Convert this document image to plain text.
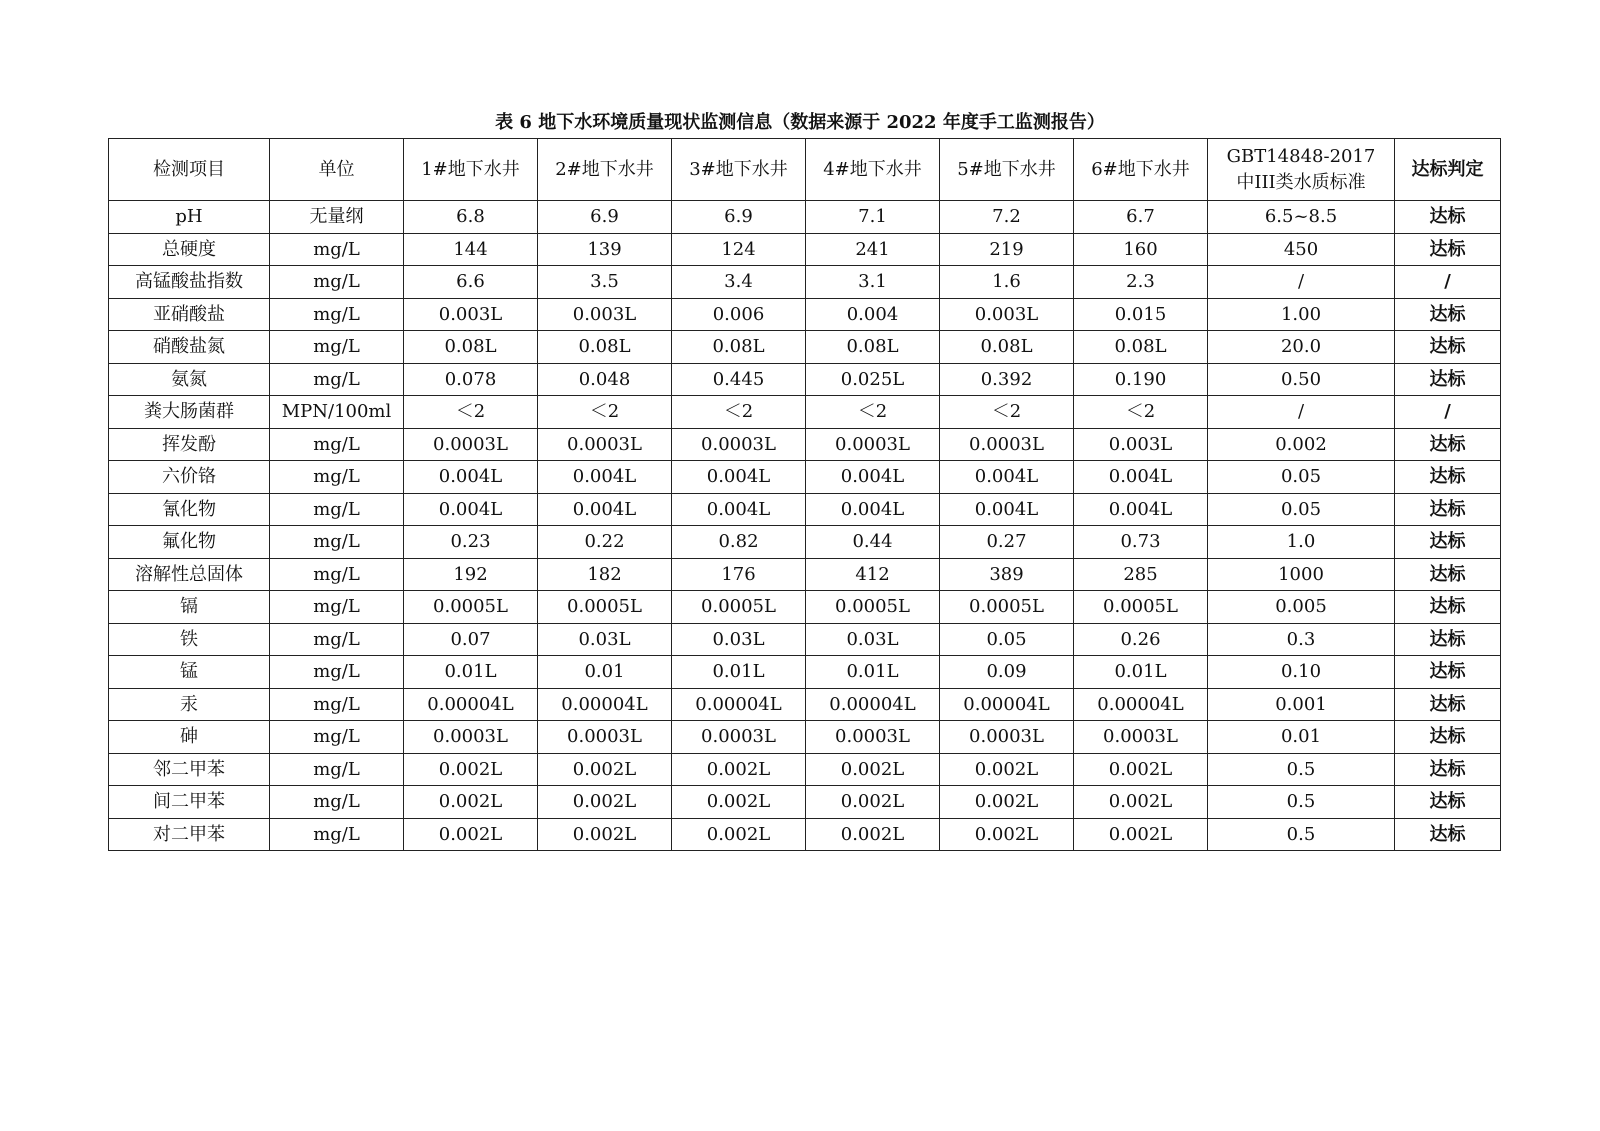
表 6 地下水环境质量现状监测信息（数据来源于 2022 年度手工监测报告）
检测项目	单位	1#地下水井	2#地下水井	3#地下水井	4#地下水井	5#地下水井	6#地下水井	GBT14848-2017
中III类水质标准	达标判定
pH	无量纲	6.8	6.9	6.9	7.1	7.2	6.7	6.5~8.5	达标
总硬度	mg/L	144	139	124	241	219	160	450	达标
高锰酸盐指数	mg/L	6.6	3.5	3.4	3.1	1.6	2.3	/	/
亚硝酸盐	mg/L	0.003L	0.003L	0.006	0.004	0.003L	0.015	1.00	达标
硝酸盐氮	mg/L	0.08L	0.08L	0.08L	0.08L	0.08L	0.08L	20.0	达标
氨氮	mg/L	0.078	0.048	0.445	0.025L	0.392	0.190	0.50	达标
粪大肠菌群	MPN/100ml	＜2	＜2	＜2	＜2	＜2	＜2	/	/
挥发酚	mg/L	0.0003L	0.0003L	0.0003L	0.0003L	0.0003L	0.003L	0.002	达标
六价铬	mg/L	0.004L	0.004L	0.004L	0.004L	0.004L	0.004L	0.05	达标
氰化物	mg/L	0.004L	0.004L	0.004L	0.004L	0.004L	0.004L	0.05	达标
氟化物	mg/L	0.23	0.22	0.82	0.44	0.27	0.73	1.0	达标
溶解性总固体	mg/L	192	182	176	412	389	285	1000	达标
镉	mg/L	0.0005L	0.0005L	0.0005L	0.0005L	0.0005L	0.0005L	0.005	达标
铁	mg/L	0.07	0.03L	0.03L	0.03L	0.05	0.26	0.3	达标
锰	mg/L	0.01L	0.01	0.01L	0.01L	0.09	0.01L	0.10	达标
汞	mg/L	0.00004L	0.00004L	0.00004L	0.00004L	0.00004L	0.00004L	0.001	达标
砷	mg/L	0.0003L	0.0003L	0.0003L	0.0003L	0.0003L	0.0003L	0.01	达标
邻二甲苯	mg/L	0.002L	0.002L	0.002L	0.002L	0.002L	0.002L	0.5	达标
间二甲苯	mg/L	0.002L	0.002L	0.002L	0.002L	0.002L	0.002L	0.5	达标
对二甲苯	mg/L	0.002L	0.002L	0.002L	0.002L	0.002L	0.002L	0.5	达标
